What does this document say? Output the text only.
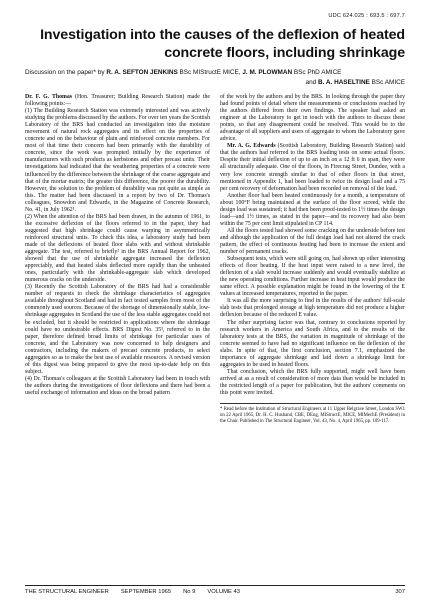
UDC 624.025 : 693.5 : 697.7
Investigation into the causes of the deflexion of heated
concrete floors, including shrinkage
Discussion on the paper* by R. A. SEFTON JENKINS BSc MIStructE MICE, J. M. PLOWMAN BSc PhD AMICE
and B. A. HASELTINE BSc AMICE

Dr. F. G. Thomas (Hon. Treasurer; Building Research Station) made the following points:—

(1) The Building Research Station was extremely interested and was actively studying the problems discussed by the authors. For over ten years the Scottish Laboratory of the BRS had conducted an investigation into the moisture movement of natural rock aggregates and its effect on the properties of concrete and on the behaviour of plain and reinforced concrete members. For most of that time their concern had been primarily with the durability of concrete, since the work was prompted initially by the experience of manufacturers with such products as kerbstones and other precast units. Their investigations had indicated that the weathering properties of a concrete were influenced by the difference between the shrinkage of the coarse aggregate and that of the mortar matrix; the greater this difference, the poorer the durability. However, the solution to the problem of durability was not quite as simple as this. The matter had been discussed in a report by two of Dr. Thomas's colleagues, Snowdon and Edwards, in the Magazine of Concrete Research, No. 41, in July 1962¹.

(2) When the attention of the BRS had been drawn, in the autumn of 1961, to the excessive deflexion of the floors referred to in the paper, they had suggested that high shrinkage could cause warping in asymmetrically reinforced structural units. To check this idea, a laboratory study had been made of the deflexions of heated floor slabs with and without shrinkable aggregate. The test, referred to briefly² in the BRS Annual Report for 1962, showed that the use of shrinkable aggregate increased the deflexion appreciably, and that heated slabs deflected more rapidly than the unheated ones, particularly with the shrinkable-aggregate slab which developed numerous cracks on the underside.

(3) Recently the Scottish Laboratory of the BRS had had a considerable number of requests to check the shrinkage characteristics of aggregates available throughout Scotland and had in fact tested samples from most of the commonly used sources. Because of the shortage of dimensionally stable, low-shrinkage aggregates in Scotland the use of the less stable aggregates could not be excluded, but it should be restricted to applications where the shrinkage could have no undesirable effects. BRS Digest No. 35³, referred to in the paper, therefore defined broad limits of shrinkage for particular uses of concrete, and the Laboratory was now concerned to help designers and contractors, including the makers of precast concrete products, to select aggregates so as to make the best use of available resources. A revised version of this digest was being prepared to give the most up-to-date help on this subject.

(4) Dr. Thomas's colleagues at the Scottish Laboratory had been in touch with the authors during the investigations of floor deflexions and there had been a useful exchange of information and ideas on the broad pattern

of the work by the authors and by the BRS. In looking through the paper they had found points of detail where the measurements or conclusions reached by the authors differed from their own findings. The speaker had asked an engineer at the Laboratory to get in touch with the authors to discuss these points, so that any disagreement could be resolved. This would be to the advantage of all suppliers and users of aggregate to whom the Laboratory gave advice.

Mr. A. G. Edwards (Scottish Laboratory, Building Research Station) said that the authors had referred to the BRS loading tests on some actual floors. Despite their initial deflexion of up to an inch on a 12 ft 6 in span, they were all structurally adequate. One of the floors, in Firecrag Street, Dundee, with a very low concrete strength similar to that of other floors in that street, mentioned in Appendix 1, had been loaded to twice its design load and a 75 per cent recovery of deformation had been recorded on removal of the load.

Another floor had been heated continuously for a month, a temperature of about 100°F being maintained at the surface of the floor screed, while the design load was sustained; it had then been proof-tested to 1½ times the design load—and 1½ times, as stated in the paper—and its recovery had also been within the 75 per cent limit stipulated in CP 114.

All the floors tested had showed some cracking on the underside before test and although the application of the full design load had not altered the crack pattern, the effect of continuous heating had been to increase the extent and number of permanent cracks.

Subsequent tests, which were still going on, had shown up other interesting effects of floor heating. If the heat input were raised to a new level, the deflexion of a slab would increase suddenly and would eventually stabilize at the new operating conditions. Further increase in heat input would produce the same effect. A possible explanation might be found in the lowering of the E values at increased temperatures, reported in the paper.

It was all the more surprising to find in the results of the authors' full-scale slab tests that prolonged storage at high temperature did not produce a higher deflexion because of the reduced E value.

The other surprising factor was that, contrary to conclusions reported by research workers in America and South Africa, and to the results of the laboratory tests at the BRS, the variation in magnitude of shrinkage of the concrete seemed to have had no significant influence on the deflexion of the slabs. In spite of that, the first conclusion, section 7.1, emphasized the importance of aggregate shrinkage and laid down a shrinkage limit for aggregates to be used in heated floors.

That conclusion, which the BRS fully supported, might well have been arrived at as a result of consideration of more data than would be included in the restricted length of a paper for publication, but the authors' comments on this point were invited.

* Read before the Institution of Structural Engineers at 11 Upper Belgrave Street, London SW1 on 22 April 1965, Dr. H. C. Husband, CBE, DEng, MIStructE, MICE, MIMechE (President) in the Chair. Published in The Structural Engineer, Vol. 43, No. 4, April 1965, pp. 109-117.
THE STRUCTURAL ENGINEER SEPTEMBER 1965 No 9 VOLUME 43	307
